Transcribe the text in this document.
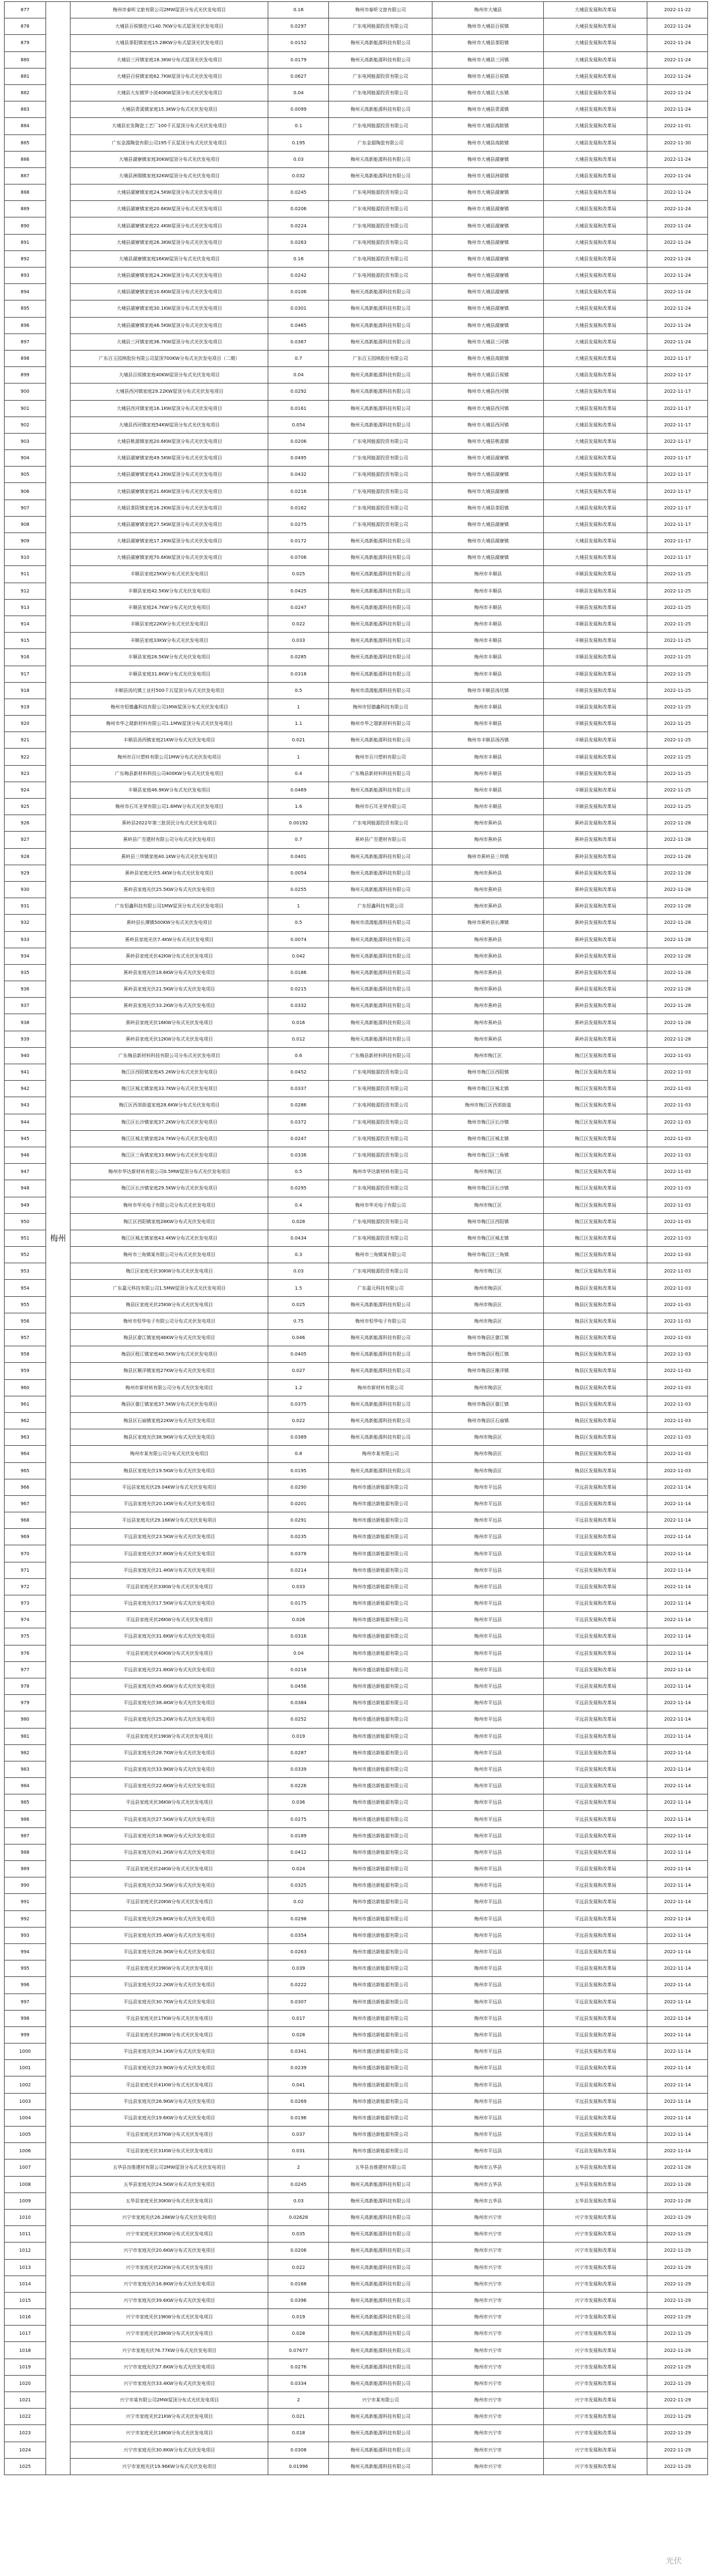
877	梅州	梅州市泰昕文旅有限公司2MW屋顶分布式光伏发电项目	0.16	梅州市泰昕文旅有限公司	梅州市大埔县	大埔县发展和改革局	2022-11-22
878		大埔县百侯镇佳兴140.7KW分布式屋顶光伏发电项目	0.0297	广东电网能源投资有限公司	梅州市大埔县百侯镇	大埔县发展和改革局	2022-11-24
879		大埔县茶阳镇家庭15.28KW分布式屋顶光伏发电项目	0.0152	梅州天高新能源科技有限公司	梅州市大埔县茶阳镇	大埔县发展和改革局	2022-11-24
880		大埔县三河镇家庭18.3KW分布式屋顶光伏发电项目	0.0179	梅州天高新能源科技有限公司	梅州市大埔县三河镇	大埔县发展和改革局	2022-11-24
881		大埔县百侯镇家庭62.7KW屋顶分布式光伏发电项目	0.0627	广东电网能源投资有限公司	梅州市大埔县百侯镇	大埔县发展和改革局	2022-11-24
882		大埔县大东镇罗小波40KW屋顶分布式光伏发电项目	0.04	广东电网能源投资有限公司	梅州市大埔县大东镇	大埔县发展和改革局	2022-11-24
883		大埔县青溪镇家庭15.3KW分布式光伏发电项目	0.0099	梅州天高新能源科技有限公司	梅州市大埔县青溪镇	大埔县发展和改革局	2022-11-24
884		大埔县宏发陶瓷工艺厂100千瓦屋顶分布式光伏发电项目	0.1	广东电网能源投资有限公司	梅州市大埔县高陂镇	大埔县发展和改革局	2022-11-01
885		广东金源陶瓷有限公司195千瓦屋顶分布式光伏发电项目	0.195	广东金源陶瓷有限公司	梅州市大埔县高陂镇	大埔县发展和改革局	2022-11-30
886		大埔县湖寮镇家庭30KW屋顶分布式光伏发电项目	0.03	梅州天高新能源科技有限公司	梅州市大埔县湖寮镇	大埔县发展和改革局	2022-11-24
887		大埔县洲瑞镇家庭32KW屋顶分布式光伏发电项目	0.032	梅州天高新能源科技有限公司	梅州市大埔县洲瑞镇	大埔县发展和改革局	2022-11-24
888		大埔县湖寮镇家庭24.5KW屋顶分布式光伏发电项目	0.0245	广东电网能源投资有限公司	梅州市大埔县湖寮镇	大埔县发展和改革局	2022-11-24
889		大埔县湖寮镇家庭20.6KW屋顶分布式光伏发电项目	0.0206	广东电网能源投资有限公司	梅州市大埔县湖寮镇	大埔县发展和改革局	2022-11-24
890		大埔县湖寮镇家庭22.4KW屋顶分布式光伏发电项目	0.0224	广东电网能源投资有限公司	梅州市大埔县湖寮镇	大埔县发展和改革局	2022-11-24
891		大埔县湖寮镇家庭26.3KW屋顶分布式光伏发电项目	0.0263	广东电网能源投资有限公司	梅州市大埔县湖寮镇	大埔县发展和改革局	2022-11-24
892		大埔县湖寮镇家庭16KW屋顶分布式光伏发电项目	0.16	广东电网能源投资有限公司	梅州市大埔县湖寮镇	大埔县发展和改革局	2022-11-24
893		大埔县湖寮镇家庭24.2KW屋顶分布式光伏发电项目	0.0242	广东电网能源投资有限公司	梅州市大埔县湖寮镇	大埔县发展和改革局	2022-11-24
894		大埔县湖寮镇家庭10.6KW屋顶分布式光伏发电项目	0.0106	梅州天高新能源科技有限公司	梅州市大埔县湖寮镇	大埔县发展和改革局	2022-11-24
895		大埔县湖寮镇家庭30.1KW屋顶分布式光伏发电项目	0.0301	梅州天高新能源科技有限公司	梅州市大埔县湖寮镇	大埔县发展和改革局	2022-11-24
896		大埔县湖寮镇家庭46.5KW屋顶分布式光伏发电项目	0.0465	梅州天高新能源科技有限公司	梅州市大埔县湖寮镇	大埔县发展和改革局	2022-11-24
897		大埔县三河镇家庭36.7KW屋顶分布式光伏发电项目	0.0367	梅州天高新能源科技有限公司	梅州市大埔县三河镇	大埔县发展和改革局	2022-11-24
898		广东百玉园林股份有限公司屋顶700KW分布式光伏发电项目（二期）	0.7	广东百玉园林股份有限公司	梅州市大埔县高陂镇	大埔县发展和改革局	2022-11-17
899		大埔县百侯镇家庭40KW屋顶分布式光伏发电项目	0.04	梅州天高新能源科技有限公司	梅州市大埔县百侯镇	大埔县发展和改革局	2022-11-17
900		大埔县西河镇家庭29.22KW屋顶分布式光伏发电项目	0.0292	梅州天高新能源科技有限公司	梅州市大埔县西河镇	大埔县发展和改革局	2022-11-17
901		大埔县西河镇家庭16.1KW屋顶分布式光伏发电项目	0.0161	梅州天高新能源科技有限公司	梅州市大埔县西河镇	大埔县发展和改革局	2022-11-17
902		大埔县西河镇家庭54KW屋顶分布式光伏发电项目	0.054	梅州天高新能源科技有限公司	梅州市大埔县西河镇	大埔县发展和改革局	2022-11-17
903		大埔县桃源镇家庭20.6KW屋顶分布式光伏发电项目	0.0206	广东电网能源投资有限公司	梅州市大埔县桃源镇	大埔县发展和改革局	2022-11-17
904		大埔县湖寮镇家庭49.5KW屋顶分布式光伏发电项目	0.0495	广东电网能源投资有限公司	梅州市大埔县湖寮镇	大埔县发展和改革局	2022-11-17
905		大埔县湖寮镇家庭43.2KW屋顶分布式光伏发电项目	0.0432	广东电网能源投资有限公司	梅州市大埔县湖寮镇	大埔县发展和改革局	2022-11-17
906		大埔县湖寮镇家庭21.6KW屋顶分布式光伏发电项目	0.0216	广东电网能源投资有限公司	梅州市大埔县湖寮镇	大埔县发展和改革局	2022-11-17
907		大埔县茶阳镇家庭16.2KW屋顶分布式光伏发电项目	0.0162	广东电网能源投资有限公司	梅州市大埔县茶阳镇	大埔县发展和改革局	2022-11-17
908		大埔县湖寮镇家庭27.5KW屋顶分布式光伏发电项目	0.0275	广东电网能源投资有限公司	梅州市大埔县湖寮镇	大埔县发展和改革局	2022-11-17
909		大埔县湖寮镇家庭17.2KW屋顶分布式光伏发电项目	0.0172	梅州天高新能源科技有限公司	梅州市大埔县湖寮镇	大埔县发展和改革局	2022-11-17
910		大埔县湖寮镇家庭70.6KW屋顶分布式光伏发电项目	0.0706	梅州天高新能源科技有限公司	梅州市大埔县湖寮镇	大埔县发展和改革局	2022-11-17
911		丰顺县家庭25KW分布式光伏发电项目	0.025	梅州天高新能源科技有限公司	梅州市丰顺县	丰顺县发展和改革局	2022-11-25
912		丰顺县家庭42.5KW分布式光伏发电项目	0.0425	梅州天高新能源科技有限公司	梅州市丰顺县	丰顺县发展和改革局	2022-11-25
913		丰顺县家庭24.7KW分布式光伏发电项目	0.0247	梅州天高新能源科技有限公司	梅州市丰顺县	丰顺县发展和改革局	2022-11-25
914		丰顺县家庭22KW分布式光伏发电项目	0.022	梅州天高新能源科技有限公司	梅州市丰顺县	丰顺县发展和改革局	2022-11-25
915		丰顺县家庭33KW分布式光伏发电项目	0.033	梅州天高新能源科技有限公司	梅州市丰顺县	丰顺县发展和改革局	2022-11-25
916		丰顺县家庭28.5KW分布式光伏发电项目	0.0285	梅州天高新能源科技有限公司	梅州市丰顺县	丰顺县发展和改革局	2022-11-25
917		丰顺县家庭31.8KW分布式光伏发电项目	0.0318	梅州天高新能源科技有限公司	梅州市丰顺县	丰顺县发展和改革局	2022-11-25
918		丰顺县汤坑镇工业村500千瓦屋顶分布式光伏发电项目	0.5	梅州市清源能源科技有限公司	梅州市丰顺县汤坑镇	丰顺县发展和改革局	2022-11-25
919		梅州市恒德鑫科技有限公司1MW屋顶分布式光伏发电项目	1	梅州市恒德鑫科技有限公司	梅州市丰顺县	丰顺县发展和改革局	2022-11-25
920		梅州市华之瑞新材料有限公司1.1MW屋顶分布式光伏发电项目	1.1	梅州市华之瑞新材料有限公司	梅州市丰顺县	丰顺县发展和改革局	2022-11-25
921		丰顺县汤西镇家庭21KW分布式光伏发电项目	0.021	梅州天高新能源科技有限公司	梅州市丰顺县汤西镇	丰顺县发展和改革局	2022-11-25
922		梅州市百川塑料有限公司1MW分布式光伏发电项目	1	梅州市百川塑料有限公司	梅州市丰顺县	丰顺县发展和改革局	2022-11-25
923		广东梅县新材料科技公司400KW分布式光伏发电项目	0.4	广东梅县新材料科技有限公司	梅州市丰顺县	丰顺县发展和改革局	2022-11-25
924		丰顺县家庭46.9KW分布式光伏发电项目	0.0469	梅州天高新能源科技有限公司	梅州市丰顺县	丰顺县发展和改革局	2022-11-25
925		梅州市石耳圣荣有限公司1.6MW分布式光伏发电项目	1.6	梅州市石耳圣荣有限公司	梅州市丰顺县	丰顺县发展和改革局	2022-11-25
926		蕉岭县2022年第三批居民分布式光伏发电项目	0.00192	广东电网能源投资有限公司	梅州市蕉岭县	蕉岭县发展和改革局	2022-11-28
927		蕉岭县广至建材有限公司分布式光伏发电项目	0.7	蕉岭县广至建材有限公司	梅州市蕉岭县	蕉岭县发展和改革局	2022-11-28
928		蕉岭县三圳镇家庭40.1KW分布式光伏发电项目	0.0401	梅州天高新能源科技有限公司	梅州市蕉岭县三圳镇	蕉岭县发展和改革局	2022-11-28
929		蕉岭县家庭光伏5.4KW分布式光伏发电项目	0.0054	梅州天高新能源科技有限公司	梅州市蕉岭县	蕉岭县发展和改革局	2022-11-28
930		蕉岭县家庭光伏25.5KW分布式光伏发电项目	0.0255	梅州天高新能源科技有限公司	梅州市蕉岭县	蕉岭县发展和改革局	2022-11-28
931		广东恒鑫科技有限公司1MW屋顶分布式光伏发电项目	1	广东恒鑫科技有限公司	梅州市蕉岭县	蕉岭县发展和改革局	2022-11-28
932		蕉岭县长潭镇500KW分布式光伏发电项目	0.5	梅州市清源能源科技有限公司	梅州市蕉岭县长潭镇	蕉岭县发展和改革局	2022-11-28
933		蕉岭县家庭光伏7.4KW分布式光伏发电项目	0.0074	梅州天高新能源科技有限公司	梅州市蕉岭县	蕉岭县发展和改革局	2022-11-28
934		蕉岭县家庭光伏42KW分布式光伏发电项目	0.042	梅州天高新能源科技有限公司	梅州市蕉岭县	蕉岭县发展和改革局	2022-11-28
935		蕉岭县家庭光伏18.6KW分布式光伏发电项目	0.0186	梅州天高新能源科技有限公司	梅州市蕉岭县	蕉岭县发展和改革局	2022-11-28
936		蕉岭县家庭光伏21.5KW分布式光伏发电项目	0.0215	梅州天高新能源科技有限公司	梅州市蕉岭县	蕉岭县发展和改革局	2022-11-28
937		蕉岭县家庭光伏33.2KW分布式光伏发电项目	0.0332	梅州天高新能源科技有限公司	梅州市蕉岭县	蕉岭县发展和改革局	2022-11-28
938		蕉岭县家庭光伏16KW分布式光伏发电项目	0.016	梅州天高新能源科技有限公司	梅州市蕉岭县	蕉岭县发展和改革局	2022-11-28
939		蕉岭县家庭光伏12KW分布式光伏发电项目	0.012	梅州天高新能源科技有限公司	梅州市蕉岭县	蕉岭县发展和改革局	2022-11-28
940		广东梅县新材料科技有限公司分布式光伏发电项目	0.6	广东梅县新材料科技有限公司	梅州市梅江区	梅江区发展和改革局	2022-11-03
941		梅江区西阳镇家庭45.2KW分布式光伏发电项目	0.0452	广东电网能源投资有限公司	梅州市梅江区西阳镇	梅江区发展和改革局	2022-11-03
942		梅江区城北镇家庭33.7KW分布式光伏发电项目	0.0337	广东电网能源投资有限公司	梅州市梅江区城北镇	梅江区发展和改革局	2022-11-03
943		梅江区西郊街道家庭28.6KW分布式光伏发电项目	0.0286	广东电网能源投资有限公司	梅州市梅江区西郊街道	梅江区发展和改革局	2022-11-03
944		梅江区长沙镇家庭37.2KW分布式光伏发电项目	0.0372	广东电网能源投资有限公司	梅州市梅江区长沙镇	梅江区发展和改革局	2022-11-03
945		梅江区城北镇家庭24.7KW分布式光伏发电项目	0.0247	广东电网能源投资有限公司	梅州市梅江区城北镇	梅江区发展和改革局	2022-11-03
946		梅江区三角镇家庭33.6KW分布式光伏发电项目	0.0336	广东电网能源投资有限公司	梅州市梅江区三角镇	梅江区发展和改革局	2022-11-03
947		梅州市华达新材料有限公司0.5MW屋顶分布式光伏发电项目	0.5	梅州市华达新材料有限公司	梅州市梅江区	梅江区发展和改革局	2022-11-03
948		梅江区长沙镇家庭29.5KW分布式光伏发电项目	0.0295	广东电网能源投资有限公司	梅州市梅江区长沙镇	梅江区发展和改革局	2022-11-03
949		梅州市华光电子有限公司分布式光伏发电项目	0.4	梅州市华光电子有限公司	梅州市梅江区	梅江区发展和改革局	2022-11-03
950		梅江区西阳镇家庭28KW分布式光伏发电项目	0.028	广东电网能源投资有限公司	梅州市梅江区西阳镇	梅江区发展和改革局	2022-11-03
951		梅江区城北镇家庭43.4KW分布式光伏发电项目	0.0434	广东电网能源投资有限公司	梅州市梅江区城北镇	梅江区发展和改革局	2022-11-03
952		梅州市三角镇某有限公司分布式光伏发电项目	0.3	梅州市三角镇某有限公司	梅州市梅江区三角镇	梅江区发展和改革局	2022-11-03
953		梅江区家庭光伏30KW分布式光伏发电项目	0.03	广东电网能源投资有限公司	梅州市梅江区	梅江区发展和改革局	2022-11-03
954		广东嘉元科技有限公司1.5MW屋顶分布式光伏发电项目	1.5	广东嘉元科技有限公司	梅州市梅县区	梅县区发展和改革局	2022-11-03
955		梅县区家庭光伏25KW分布式光伏发电项目	0.025	梅州天高新能源科技有限公司	梅州市梅县区	梅县区发展和改革局	2022-11-03
956		梅州市恒华电子有限公司分布式光伏发电项目	0.75	梅州市恒华电子有限公司	梅州市梅县区	梅县区发展和改革局	2022-11-03
957		梅县区畲江镇家庭46KW分布式光伏发电项目	0.046	梅州天高新能源科技有限公司	梅州市梅县区畲江镇	梅县区发展和改革局	2022-11-03
958		梅县区程江镇家庭40.5KW分布式光伏发电项目	0.0405	梅州天高新能源科技有限公司	梅州市梅县区程江镇	梅县区发展和改革局	2022-11-03
959		梅县区雁洋镇家庭27KW分布式光伏发电项目	0.027	梅州天高新能源科技有限公司	梅州市梅县区雁洋镇	梅县区发展和改革局	2022-11-03
960		梅州市新材料有限公司分布式光伏发电项目	1.2	梅州市新材料有限公司	梅州市梅县区	梅县区发展和改革局	2022-11-03
961		梅县区畲江镇家庭37.5KW分布式光伏发电项目	0.0375	梅州天高新能源科技有限公司	梅州市梅县区畲江镇	梅县区发展和改革局	2022-11-03
962		梅县区石扇镇家庭22KW分布式光伏发电项目	0.022	梅州天高新能源科技有限公司	梅州市梅县区石扇镇	梅县区发展和改革局	2022-11-03
963		梅县区家庭光伏38.9KW分布式光伏发电项目	0.0389	梅州天高新能源科技有限公司	梅州市梅县区	梅县区发展和改革局	2022-11-03
964		梅州市某有限公司分布式光伏发电项目	0.8	梅州市某有限公司	梅州市梅县区	梅县区发展和改革局	2022-11-03
965		梅县区家庭光伏19.5KW分布式光伏发电项目	0.0195	梅州天高新能源科技有限公司	梅州市梅县区	梅县区发展和改革局	2022-11-03
966		平远县家庭光伏29.04KW分布式光伏发电项目	0.0290	梅州市盛达新能源有限公司	梅州市平远县	平远县发展和改革局	2022-11-14
967		平远县家庭光伏20.1KW分布式光伏发电项目	0.0201	梅州市盛达新能源有限公司	梅州市平远县	平远县发展和改革局	2022-11-14
968		平远县家庭光伏29.16KW分布式光伏发电项目	0.0291	梅州市盛达新能源有限公司	梅州市平远县	平远县发展和改革局	2022-11-14
969		平远县家庭光伏23.5KW分布式光伏发电项目	0.0235	梅州市盛达新能源有限公司	梅州市平远县	平远县发展和改革局	2022-11-14
970		平远县家庭光伏37.8KW分布式光伏发电项目	0.0378	梅州市盛达新能源有限公司	梅州市平远县	平远县发展和改革局	2022-11-14
971		平远县家庭光伏21.4KW分布式光伏发电项目	0.0214	梅州市盛达新能源有限公司	梅州市平远县	平远县发展和改革局	2022-11-14
972		平远县家庭光伏33KW分布式光伏发电项目	0.033	梅州市盛达新能源有限公司	梅州市平远县	平远县发展和改革局	2022-11-14
973		平远县家庭光伏17.5KW分布式光伏发电项目	0.0175	梅州市盛达新能源有限公司	梅州市平远县	平远县发展和改革局	2022-11-14
974		平远县家庭光伏26KW分布式光伏发电项目	0.026	梅州市盛达新能源有限公司	梅州市平远县	平远县发展和改革局	2022-11-14
975		平远县家庭光伏31.6KW分布式光伏发电项目	0.0316	梅州市盛达新能源有限公司	梅州市平远县	平远县发展和改革局	2022-11-14
976		平远县家庭光伏40KW分布式光伏发电项目	0.04	梅州市盛达新能源有限公司	梅州市平远县	平远县发展和改革局	2022-11-14
977		平远县家庭光伏21.8KW分布式光伏发电项目	0.0218	梅州市盛达新能源有限公司	梅州市平远县	平远县发展和改革局	2022-11-14
978		平远县家庭光伏45.6KW分布式光伏发电项目	0.0456	梅州市盛达新能源有限公司	梅州市平远县	平远县发展和改革局	2022-11-14
979		平远县家庭光伏38.4KW分布式光伏发电项目	0.0384	梅州市盛达新能源有限公司	梅州市平远县	平远县发展和改革局	2022-11-14
980		平远县家庭光伏25.2KW分布式光伏发电项目	0.0252	梅州市盛达新能源有限公司	梅州市平远县	平远县发展和改革局	2022-11-14
981		平远县家庭光伏19KW分布式光伏发电项目	0.019	梅州市盛达新能源有限公司	梅州市平远县	平远县发展和改革局	2022-11-14
982		平远县家庭光伏28.7KW分布式光伏发电项目	0.0287	梅州市盛达新能源有限公司	梅州市平远县	平远县发展和改革局	2022-11-14
983		平远县家庭光伏33.9KW分布式光伏发电项目	0.0339	梅州市盛达新能源有限公司	梅州市平远县	平远县发展和改革局	2022-11-14
984		平远县家庭光伏22.6KW分布式光伏发电项目	0.0226	梅州市盛达新能源有限公司	梅州市平远县	平远县发展和改革局	2022-11-14
985		平远县家庭光伏36KW分布式光伏发电项目	0.036	梅州市盛达新能源有限公司	梅州市平远县	平远县发展和改革局	2022-11-14
986		平远县家庭光伏27.5KW分布式光伏发电项目	0.0275	梅州市盛达新能源有限公司	梅州市平远县	平远县发展和改革局	2022-11-14
987		平远县家庭光伏18.9KW分布式光伏发电项目	0.0189	梅州市盛达新能源有限公司	梅州市平远县	平远县发展和改革局	2022-11-14
988		平远县家庭光伏41.2KW分布式光伏发电项目	0.0412	梅州市盛达新能源有限公司	梅州市平远县	平远县发展和改革局	2022-11-14
989		平远县家庭光伏24KW分布式光伏发电项目	0.024	梅州市盛达新能源有限公司	梅州市平远县	平远县发展和改革局	2022-11-14
990		平远县家庭光伏32.5KW分布式光伏发电项目	0.0325	梅州市盛达新能源有限公司	梅州市平远县	平远县发展和改革局	2022-11-14
991		平远县家庭光伏20KW分布式光伏发电项目	0.02	梅州市盛达新能源有限公司	梅州市平远县	平远县发展和改革局	2022-11-14
992		平远县家庭光伏29.8KW分布式光伏发电项目	0.0298	梅州市盛达新能源有限公司	梅州市平远县	平远县发展和改革局	2022-11-14
993		平远县家庭光伏35.4KW分布式光伏发电项目	0.0354	梅州市盛达新能源有限公司	梅州市平远县	平远县发展和改革局	2022-11-14
994		平远县家庭光伏26.3KW分布式光伏发电项目	0.0263	梅州市盛达新能源有限公司	梅州市平远县	平远县发展和改革局	2022-11-14
995		平远县家庭光伏39KW分布式光伏发电项目	0.039	梅州市盛达新能源有限公司	梅州市平远县	平远县发展和改革局	2022-11-14
996		平远县家庭光伏22.2KW分布式光伏发电项目	0.0222	梅州市盛达新能源有限公司	梅州市平远县	平远县发展和改革局	2022-11-14
997		平远县家庭光伏30.7KW分布式光伏发电项目	0.0307	梅州市盛达新能源有限公司	梅州市平远县	平远县发展和改革局	2022-11-14
998		平远县家庭光伏17KW分布式光伏发电项目	0.017	梅州市盛达新能源有限公司	梅州市平远县	平远县发展和改革局	2022-11-14
999		平远县家庭光伏28KW分布式光伏发电项目	0.028	梅州市盛达新能源有限公司	梅州市平远县	平远县发展和改革局	2022-11-14
1000		平远县家庭光伏34.1KW分布式光伏发电项目	0.0341	梅州市盛达新能源有限公司	梅州市平远县	平远县发展和改革局	2022-11-14
1001		平远县家庭光伏23.9KW分布式光伏发电项目	0.0239	梅州市盛达新能源有限公司	梅州市平远县	平远县发展和改革局	2022-11-14
1002		平远县家庭光伏41KW分布式光伏发电项目	0.041	梅州市盛达新能源有限公司	梅州市平远县	平远县发展和改革局	2022-11-14
1003		平远县家庭光伏26.9KW分布式光伏发电项目	0.0269	梅州市盛达新能源有限公司	梅州市平远县	平远县发展和改革局	2022-11-14
1004		平远县家庭光伏19.6KW分布式光伏发电项目	0.0196	梅州市盛达新能源有限公司	梅州市平远县	平远县发展和改革局	2022-11-14
1005		平远县家庭光伏37KW分布式光伏发电项目	0.037	梅州市盛达新能源有限公司	梅州市平远县	平远县发展和改革局	2022-11-14
1006		平远县家庭光伏31KW分布式光伏发电项目	0.031	梅州市盛达新能源有限公司	梅州市平远县	平远县发展和改革局	2022-11-14
1007		五华县良维建材有限公司2MW屋顶分布式光伏发电项目	2	五华县良维建材有限公司	梅州市五华县	五华县发展和改革局	2022-11-28
1008		五华县家庭光伏24.5KW分布式光伏发电项目	0.0245	梅州天高新能源科技有限公司	梅州市五华县	五华县发展和改革局	2022-11-28
1009		五华县家庭光伏30KW分布式光伏发电项目	0.03	梅州天高新能源科技有限公司	梅州市五华县	五华县发展和改革局	2022-11-28
1010		兴宁市家庭光伏26.28KW分布式光伏发电项目	0.02628	梅州天高新能源科技有限公司	梅州市兴宁市	兴宁市发展和改革局	2022-11-29
1011		兴宁市家庭光伏35KW分布式光伏发电项目	0.035	梅州天高新能源科技有限公司	梅州市兴宁市	兴宁市发展和改革局	2022-11-29
1012		兴宁市家庭光伏20.6KW分布式光伏发电项目	0.0206	梅州天高新能源科技有限公司	梅州市兴宁市	兴宁市发展和改革局	2022-11-29
1013		兴宁市家庭光伏22KW分布式光伏发电项目	0.022	梅州天高新能源科技有限公司	梅州市兴宁市	兴宁市发展和改革局	2022-11-29
1014		兴宁市家庭光伏16.8KW分布式光伏发电项目	0.0168	梅州天高新能源科技有限公司	梅州市兴宁市	兴宁市发展和改革局	2022-11-29
1015		兴宁市家庭光伏39.6KW分布式光伏发电项目	0.0396	梅州天高新能源科技有限公司	梅州市兴宁市	兴宁市发展和改革局	2022-11-29
1016		兴宁市家庭光伏19KW分布式光伏发电项目	0.019	梅州天高新能源科技有限公司	梅州市兴宁市	兴宁市发展和改革局	2022-11-29
1017		兴宁市家庭光伏28KW分布式光伏发电项目	0.028	梅州天高新能源科技有限公司	梅州市兴宁市	兴宁市发展和改革局	2022-11-29
1018		兴宁市家庭光伏76.77KW分布式光伏发电项目	0.07677	梅州天高新能源科技有限公司	梅州市兴宁市	兴宁市发展和改革局	2022-11-29
1019		兴宁市家庭光伏27.6KW分布式光伏发电项目	0.0276	梅州天高新能源科技有限公司	梅州市兴宁市	兴宁市发展和改革局	2022-11-29
1020		兴宁市家庭光伏33.4KW分布式光伏发电项目	0.0334	梅州天高新能源科技有限公司	梅州市兴宁市	兴宁市发展和改革局	2022-11-29
1021		兴宁市某有限公司2MW屋顶分布式光伏发电项目	2	兴宁市某有限公司	梅州市兴宁市	兴宁市发展和改革局	2022-11-29
1022		兴宁市家庭光伏21KW分布式光伏发电项目	0.021	梅州天高新能源科技有限公司	梅州市兴宁市	兴宁市发展和改革局	2022-11-29
1023		兴宁市家庭光伏18KW分布式光伏发电项目	0.018	梅州天高新能源科技有限公司	梅州市兴宁市	兴宁市发展和改革局	2022-11-29
1024		兴宁市家庭光伏30.8KW分布式光伏发电项目	0.0308	梅州天高新能源科技有限公司	梅州市兴宁市	兴宁市发展和改革局	2022-11-29
1025		兴宁市家庭光伏19.96KW分布式光伏发电项目	0.01996	梅州天高新能源科技有限公司	梅州市兴宁市	兴宁市发展和改革局	2022-11-29
光伏
